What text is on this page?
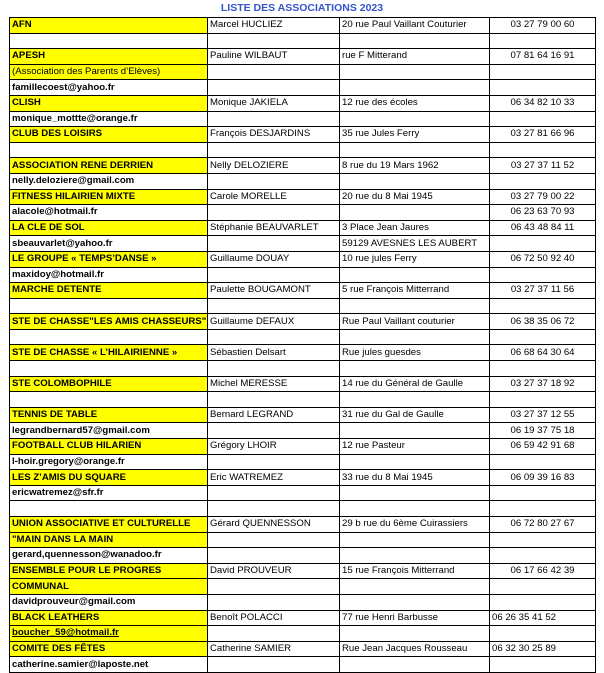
LISTE DES ASSOCIATIONS 2023
AFN	Marcel HUCLIEZ	20 rue Paul Vaillant Couturier	03 27 79 00 60

APESH	Pauline WILBAUT	rue F Mitterand	07 81 64 16 91
(Association des Parents d’Elèves)			
famillecoest@yahoo.fr			
CLISH	Monique JAKIELA	12 rue des écoles	06 34 82 10 33
monique_mottte@orange.fr			
CLUB DES LOISIRS	François DESJARDINS	35 rue Jules Ferry	03 27 81 66 96

ASSOCIATION RENE DERRIEN	Nelly DELOZIERE	8 rue du 19 Mars 1962	03 27 37 11 52
nelly.deloziere@gmail.com			
FITNESS HILAIRIEN MIXTE	Carole MORELLE	20 rue du 8 Mai 1945	03 27 79 00 22
alacole@hotmail.fr			06 23 63 70 93
LA CLE DE SOL	Stéphanie BEAUVARLET	3 Place Jean Jaures	06 43 48 84 11
sbeauvarlet@yahoo.fr		59129 AVESNES LES AUBERT	
LE GROUPE « TEMPS’DANSE »	Guillaume DOUAY	10 rue jules Ferry	06 72 50 92 40
maxidoy@hotmail.fr			
MARCHE DETENTE	Paulette BOUGAMONT	5 rue François Mitterrand	03 27 37 11 56

STE DE CHASSE"LES AMIS CHASSEURS"	Guillaume DEFAUX	Rue Paul Vaillant couturier	06 38 35 06 72

STE DE CHASSE « L’HILAIRIENNE »	Sébastien Delsart	Rue jules guesdes	06 68 64 30 64

STE COLOMBOPHILE	Michel MERESSE	14 rue du Général de Gaulle	03 27 37 18 92

TENNIS DE TABLE	Bernard LEGRAND	31 rue du Gal de Gaulle	03 27 37 12 55
legrandbernard57@gmail.com			06 19 37 75 18
FOOTBALL CLUB HILARIEN	Grégory LHOIR	12 rue Pasteur	06 59 42 91 68
l-hoir.gregory@orange.fr			
LES Z’AMIS DU SQUARE	Eric WATREMEZ	33 rue du 8 Mai 1945	06 09 39 16 83
ericwatremez@sfr.fr			

UNION ASSOCIATIVE ET CULTURELLE	Gérard QUENNESSON	29 b rue du 6ème Cuirassiers	06 72 80 27 67
"MAIN DANS LA MAIN			
gerard,quennesson@wanadoo.fr			
ENSEMBLE POUR LE PROGRES	David PROUVEUR	15 rue François Mitterrand	06 17 66 42 39
COMMUNAL			
davidprouveur@gmail.com			
BLACK LEATHERS	Benoît POLACCI	77 rue Henri Barbusse	06 26 35 41 52
boucher_59@hotmail.fr			
COMITE DES FÊTES	Catherine SAMIER	Rue Jean Jacques Rousseau	06 32 30 25 89
catherine.samier@laposte.net			
